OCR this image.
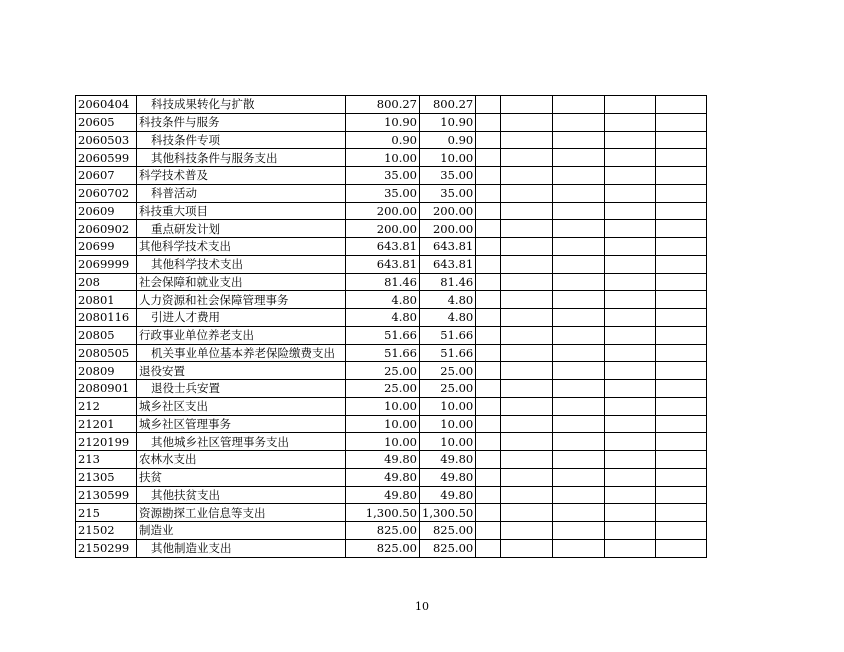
2060404	科技成果转化与扩散	800.27	800.27					
20605	科技条件与服务	10.90	10.90					
2060503	科技条件专项	0.90	0.90					
2060599	其他科技条件与服务支出	10.00	10.00					
20607	科学技术普及	35.00	35.00					
2060702	科普活动	35.00	35.00					
20609	科技重大项目	200.00	200.00					
2060902	重点研发计划	200.00	200.00					
20699	其他科学技术支出	643.81	643.81					
2069999	其他科学技术支出	643.81	643.81					
208	社会保障和就业支出	81.46	81.46					
20801	人力资源和社会保障管理事务	4.80	4.80					
2080116	引进人才费用	4.80	4.80					
20805	行政事业单位养老支出	51.66	51.66					
2080505	机关事业单位基本养老保险缴费支出	51.66	51.66					
20809	退役安置	25.00	25.00					
2080901	退役士兵安置	25.00	25.00					
212	城乡社区支出	10.00	10.00					
21201	城乡社区管理事务	10.00	10.00					
2120199	其他城乡社区管理事务支出	10.00	10.00					
213	农林水支出	49.80	49.80					
21305	扶贫	49.80	49.80					
2130599	其他扶贫支出	49.80	49.80					
215	资源勘探工业信息等支出	1,300.50	1,300.50					
21502	制造业	825.00	825.00					
2150299	其他制造业支出	825.00	825.00					
10
